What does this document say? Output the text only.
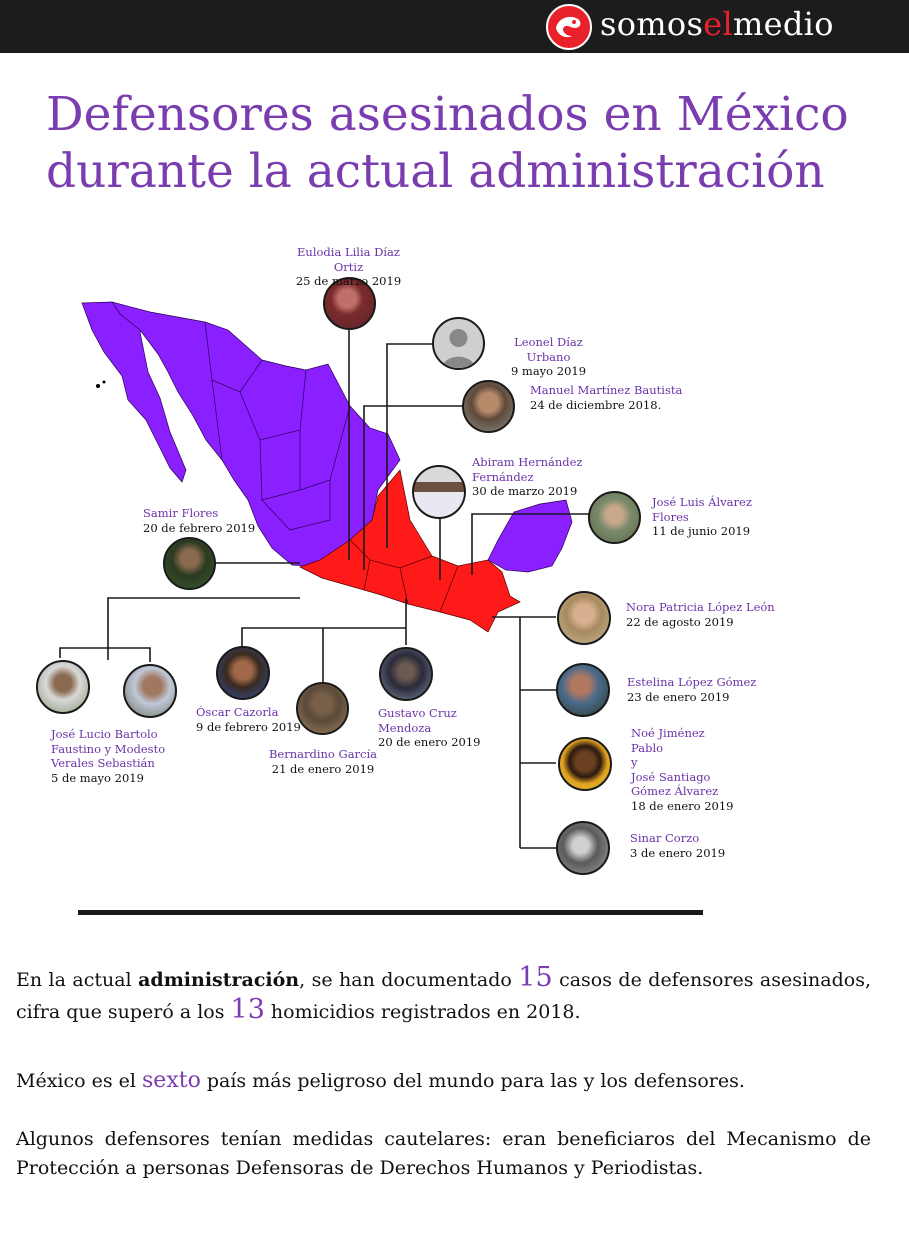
somoselmedio
Defensores asesinados en México
durante la actual administración
Eulodia Lilia Díaz Ortiz
25 de marzo 2019
Leonel Díaz Urbano
9 mayo 2019
Manuel Martínez Bautista
24 de diciembre 2018.
Abiram Hernández
Fernández
30 de marzo 2019
José Luis Álvarez
Flores
11 de junio 2019
Samir Flores
20 de febrero 2019
Nora Patricia López León
22 de agosto 2019
Estelina López Gómez
23 de enero 2019
Noé Jiménez
Pablo
y
José Santiago
Gómez Álvarez
18 de enero 2019
Sinar Corzo
3 de enero 2019
José Lucio Bartolo
Faustino y Modesto
Verales Sebastián
5 de mayo 2019
Óscar Cazorla
9 de febrero 2019
Bernardino García
21 de enero 2019
Gustavo Cruz
Mendoza
20 de enero 2019

En la actual administración, se han documentado 15 casos de defensores asesinados, cifra que superó a los 13 homicidios registrados en 2018.

México es el sexto país más peligroso del mundo para las y los defensores.

Algunos defensores tenían medidas cautelares: eran beneficiaros del Mecanismo de Protección a personas Defensoras de Derechos Humanos y Periodistas.
